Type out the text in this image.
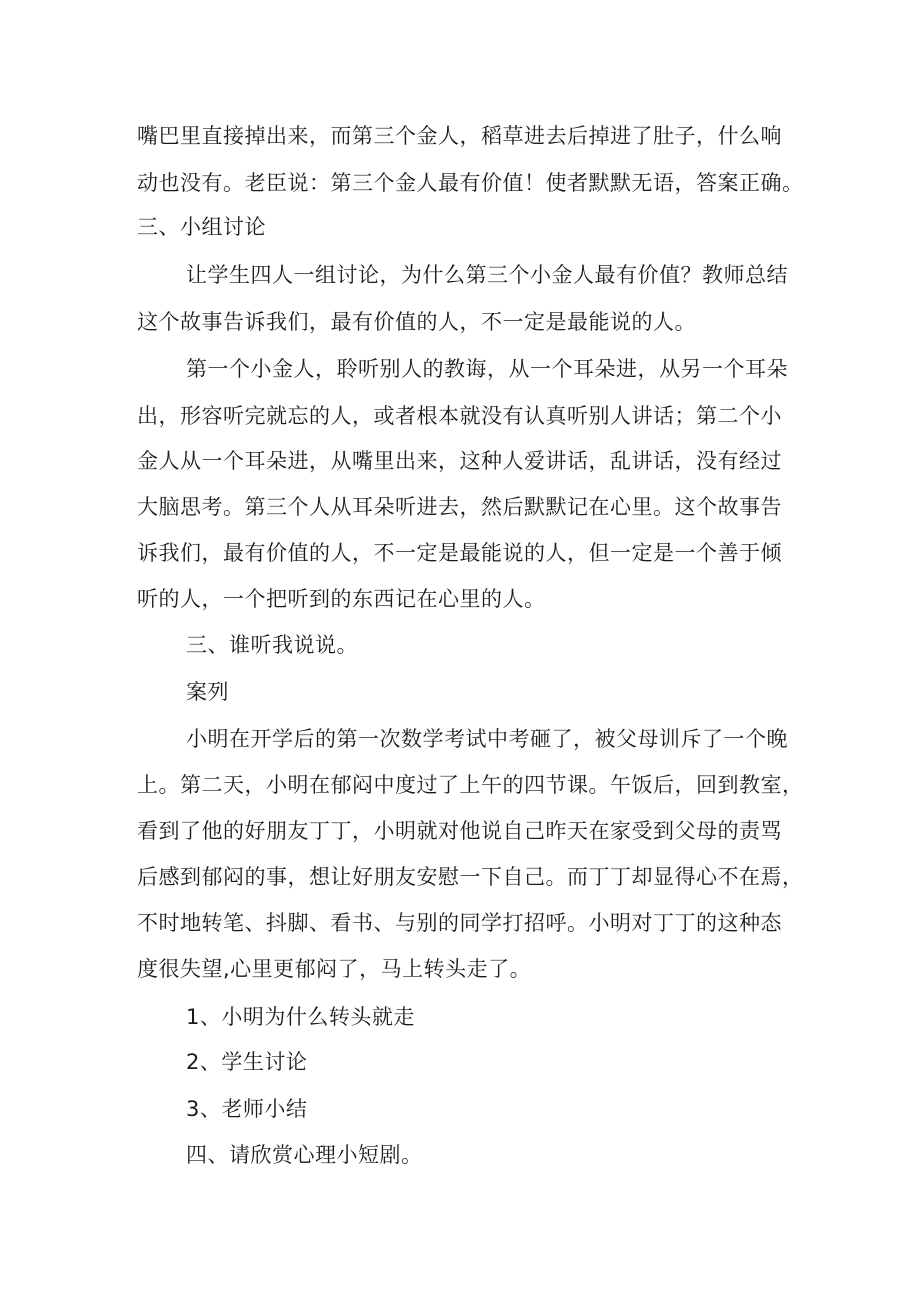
嘴巴里直接掉出来，而第三个金人，稻草进去后掉进了肚子，什么响
动也没有。老臣说：第三个金人最有价值！使者默默无语，答案正确。
三、小组讨论
让学生四人一组讨论，为什么第三个小金人最有价值？教师总结
这个故事告诉我们，最有价值的人，不一定是最能说的人。
第一个小金人，聆听别人的教诲，从一个耳朵进，从另一个耳朵
出，形容听完就忘的人，或者根本就没有认真听别人讲话；第二个小
金人从一个耳朵进，从嘴里出来，这种人爱讲话，乱讲话，没有经过
大脑思考。第三个人从耳朵听进去，然后默默记在心里。这个故事告
诉我们，最有价值的人，不一定是最能说的人，但一定是一个善于倾
听的人，一个把听到的东西记在心里的人。
三、谁听我说说。
案列
小明在开学后的第一次数学考试中考砸了，被父母训斥了一个晚
上。第二天，小明在郁闷中度过了上午的四节课。午饭后，回到教室，
看到了他的好朋友丁丁，小明就对他说自己昨天在家受到父母的责骂
后感到郁闷的事，想让好朋友安慰一下自己。而丁丁却显得心不在焉，
不时地转笔、抖脚、看书、与别的同学打招呼。小明对丁丁的这种态
度很失望,心里更郁闷了，马上转头走了。
1、小明为什么转头就走
2、学生讨论
3、老师小结
四、请欣赏心理小短剧。
